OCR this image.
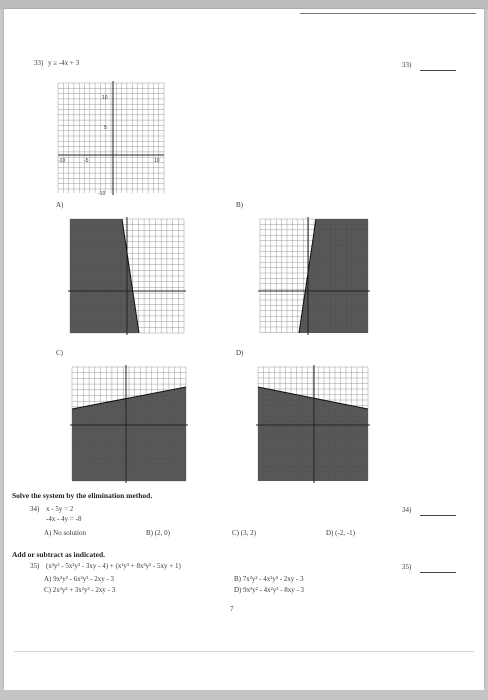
33) y ≥ -4x + 3	33)
10
-10
-10	-5	10
5
A)	B)
C)	D)
Solve the system by the elimination method.
34) x - 5y = 2
-4x - 4y = -8
34)
A) No solution	B) (2, 0)	C) (3, 2)	D) (-2, -1)
Add or subtract as indicated.
35) (x³y² - 5x²y³ - 3xy - 4) + (x²y³ + 8x³y² - 5xy + 1)	35)
A) 9x³y² - 6x²y³ - 2xy - 3	B) 7x³y² - 4x²y³ - 2xy - 3
C) 2x³y² + 3x²y³ - 2xy - 3	D) 9x³y² - 4x²y³ - 8xy - 3
7
